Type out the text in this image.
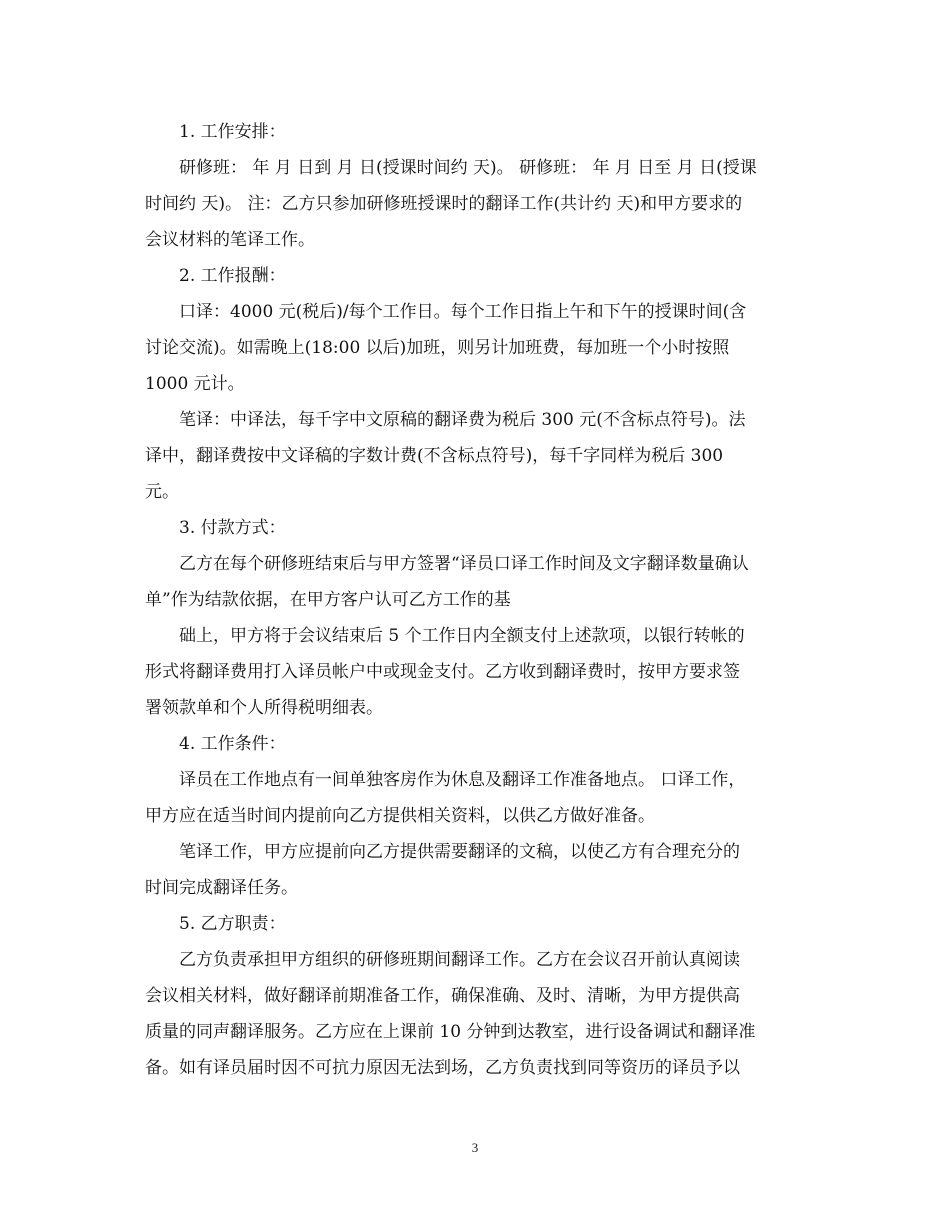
1. 工作安排：
研修班： 年 月 日到 月 日(授课时间约 天)。 研修班： 年 月 日至 月 日(授课
时间约 天)。 注：乙方只参加研修班授课时的翻译工作(共计约 天)和甲方要求的
会议材料的笔译工作。
2. 工作报酬：
口译：4000 元(税后)/每个工作日。每个工作日指上午和下午的授课时间(含
讨论交流)。如需晚上(18:00 以后)加班，则另计加班费，每加班一个小时按照
1000 元计。
笔译：中译法，每千字中文原稿的翻译费为税后 300 元(不含标点符号)。法
译中，翻译费按中文译稿的字数计费(不含标点符号)，每千字同样为税后 300
元。
3. 付款方式：
乙方在每个研修班结束后与甲方签署“译员口译工作时间及文字翻译数量确认
单”作为结款依据，在甲方客户认可乙方工作的基
础上，甲方将于会议结束后 5 个工作日内全额支付上述款项，以银行转帐的
形式将翻译费用打入译员帐户中或现金支付。乙方收到翻译费时，按甲方要求签
署领款单和个人所得税明细表。
4. 工作条件：
译员在工作地点有一间单独客房作为休息及翻译工作准备地点。 口译工作，
甲方应在适当时间内提前向乙方提供相关资料，以供乙方做好准备。
笔译工作，甲方应提前向乙方提供需要翻译的文稿，以使乙方有合理充分的
时间完成翻译任务。
5. 乙方职责：
乙方负责承担甲方组织的研修班期间翻译工作。乙方在会议召开前认真阅读
会议相关材料，做好翻译前期准备工作，确保准确、及时、清晰，为甲方提供高
质量的同声翻译服务。乙方应在上课前 10 分钟到达教室，进行设备调试和翻译准
备。如有译员届时因不可抗力原因无法到场，乙方负责找到同等资历的译员予以
3
